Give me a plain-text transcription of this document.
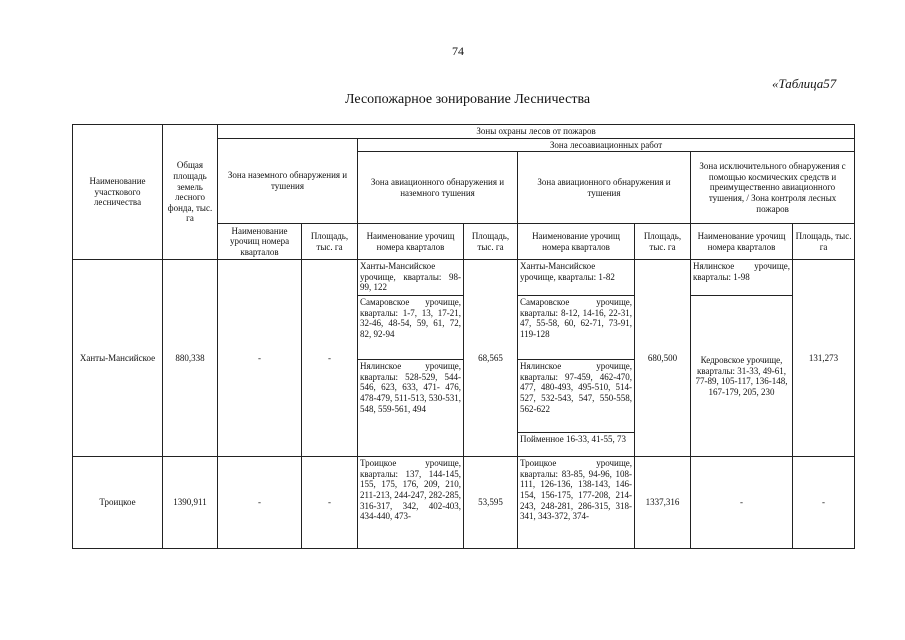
74
«Таблица57
Лесопожарное зонирование Лесничества
Наименование участкового лесничества	Общая площадь земель лесного фонда, тыс. га	Зоны охраны лесов от пожаров							
		Зона наземного обнаружения и тушения		Зона лесоавиационных работ					
				Зона авиационного обнаружения и наземного тушения		Зона авиационного обнаружения и тушения		Зона исключительного обнаружения с помощью космических средств и преимущественно авиационного тушения, / Зона контроля лесных пожаров	
		Наименование урочищ номера кварталов	Площадь, тыс. га	Наименование урочищ номера кварталов	Площадь, тыс. га	Наименование урочищ номера кварталов	Площадь, тыс. га	Наименование урочищ номера кварталов	Площадь, тыс. га
Ханты-Мансийское	880,338	-	-	Ханты-Мансийское урочище, кварталы: 98-99, 122	68,565	Ханты-Мансийское урочище, кварталы: 1-82	680,500	Нялинское урочище, кварталы: 1-98	131,273
				Самаровское урочище, кварталы: 1-7, 13, 17-21, 32-46, 48-54, 59, 61, 72, 82, 92-94		Самаровское урочище, кварталы: 8-12, 14-16, 22-31, 47, 55-58, 60, 62-71, 73-91, 119-128		Кедровское урочище, кварталы: 31-33, 49-61, 77-89, 105-117, 136-148, 167-179, 205, 230	
				Нялинское урочище, кварталы: 528-529, 544-546, 623, 633, 471- 476, 478-479, 511-513, 530-531, 548, 559-561, 494		Нялинское урочище, кварталы: 97-459, 462-470, 477, 480-493, 495-510, 514-527, 532-543, 547, 550-558, 562-622			
						Пойменное 16-33, 41-55, 73			
Троицкое	1390,911	-	-	Троицкое урочище, кварталы: 137, 144-145, 155, 175, 176, 209, 210, 211-213, 244-247, 282-285, 316-317, 342, 402-403, 434-440, 473-	53,595	Троицкое урочище, кварталы: 83-85, 94-96, 108-111, 126-136, 138-143, 146-154, 156-175, 177-208, 214-243, 248-281, 286-315, 318-341, 343-372, 374-	1337,316	-	-
